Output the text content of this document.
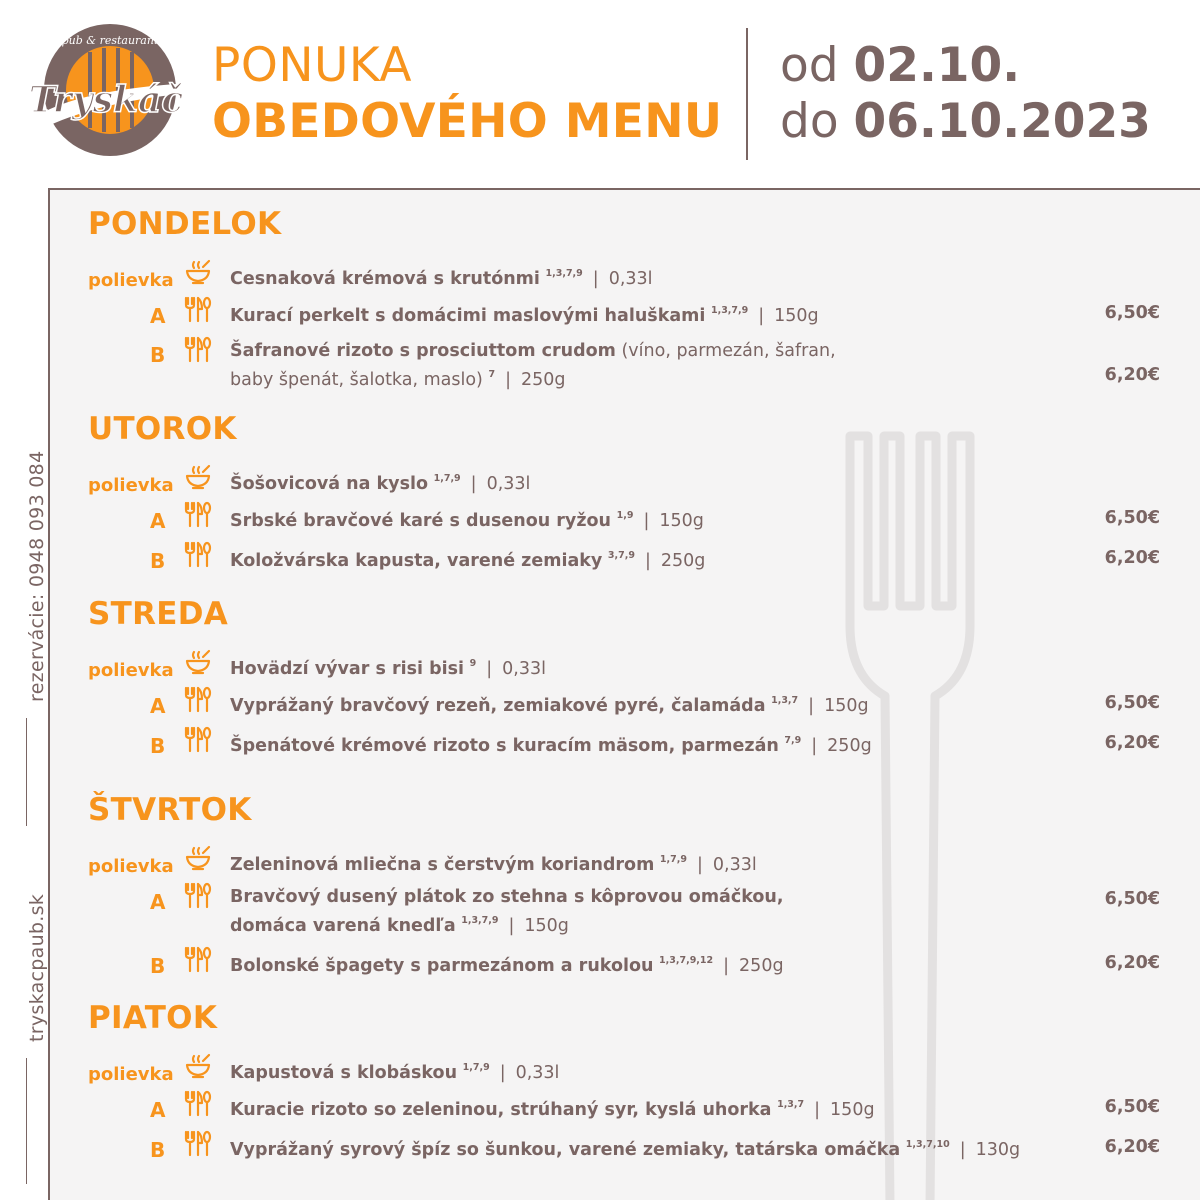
pub & restaurant
Tryskáč
PONUKA
OBEDOVÉHO MENU
od 02.10.
do 06.10.2023
rezervácie: 0948 093 084
tryskacpaub.sk
PONDELOK
polievka	Cesnaková krémová s krutónmi $^{1,3,7,9}$ | 0,33l
A	Kurací perkelt s domácimi maslovými haluškami $^{1,3,7,9}$ | 150g	6,50€
B	Šafranové rizoto s prosciuttom crudom (víno, parmezán, šafran,
baby špenát, šalotka, maslo) $^7$ | 250g	6,20€
UTOROK
polievka	Šošovicová na kyslo $^{1,7,9}$ | 0,33l
A	Srbské bravčové karé s dusenou ryžou $^{1,9}$ | 150g	6,50€
B	Koložvárska kapusta, varené zemiaky $^{3,7,9}$ | 250g	6,20€
STREDA
polievka	Hovädzí vývar s risi bisi $^9$ | 0,33l
A	Vyprážaný bravčový rezeň, zemiakové pyré, čalamáda $^{1,3,7}$ | 150g	6,50€
B	Špenátové krémové rizoto s kuracím mäsom, parmezán $^{7,9}$ | 250g	6,20€
ŠTVRTOK
polievka	Zeleninová mliečna s čerstvým koriandrom $^{1,7,9}$ | 0,33l
A	Bravčový dusený plátok zo stehna s kôprovou omáčkou,
domáca varená knedľa $^{1,3,7,9}$ | 150g
6,50€
B	Bolonské špagety s parmezánom a rukolou $^{1,3,7,9,12}$ | 250g	6,20€
PIATOK
polievka	Kapustová s klobáskou $^{1,7,9}$ | 0,33l
A	Kuracie rizoto so zeleninou, strúhaný syr, kyslá uhorka $^{1,3,7}$ | 150g	6,50€
B	Vyprážaný syrový špíz so šunkou, varené zemiaky, tatárska omáčka $^{1,3,7,10}$ | 130g	6,20€
